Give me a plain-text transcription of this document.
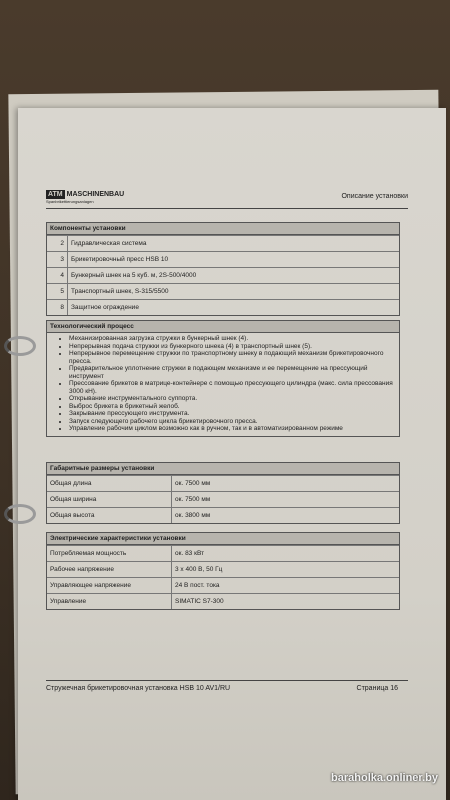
ATM MASCHINENBAU
Spanbrikettierungsanlagen
Описание установки
Компоненты установки
2	Гидравлическая система
3	Брикетировочный пресс HSB 10
4	Бункерный шнек на 5 куб. м, 2S-500/4000
5	Транспортный шнек, S-315/5500
8	Защитное ограждение
Технологический процесс
• Механизированная загрузка стружки в бункерный шнек (4).
• Непрерывная подача стружки из бункерного шнека (4) в транспортный шнек (5).
• Непрерывное перемещение стружки по транспортному шнеку в подающий механизм брикетировочного пресса.
• Предварительное уплотнение стружки в подающем механизме и ее перемещение на прессующий инструмент
• Прессование брикетов в матрице-контейнере с помощью прессующего цилиндра (макс. сила прессования 3000 кН).
• Открывание инструментального суппорта.
• Выброс брикета в брикетный желоб.
• Закрывание прессующего инструмента.
• Запуск следующего рабочего цикла брикетировочного пресса.
• Управление рабочим циклом возможно как в ручном, так и в автоматизированном режиме
Габаритные размеры установки
Общая длина	ок. 7500 мм
Общая ширина	ок. 7500 мм
Общая высота	ок. 3800 мм
Электрические характеристики установки
Потребляемая мощность	ок. 83 кВт
Рабочее напряжение	3 x 400 В, 50 Гц
Управляющее напряжение	24 В пост. тока
Управление	SIMATIC S7-300
Стружечная брикетировочная установка HSB 10 AV1/RU	Страница 16
baraholka.onliner.by
